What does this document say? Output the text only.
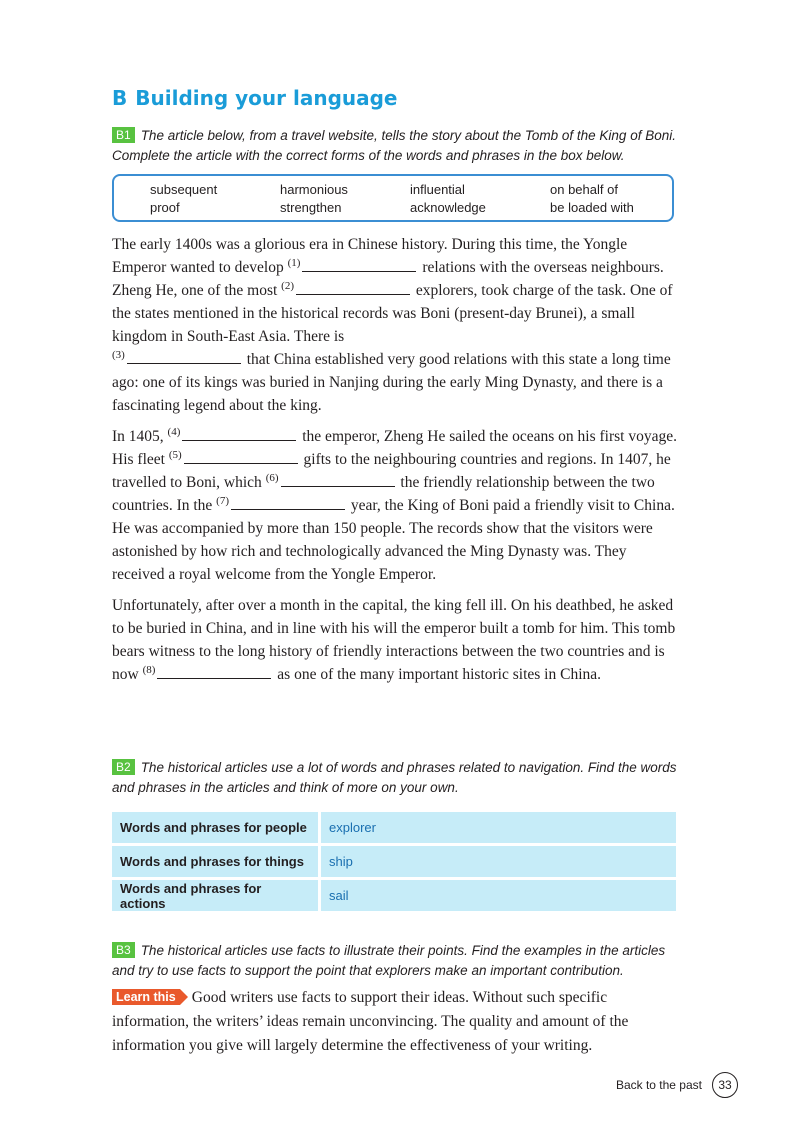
B Building your language
B1 The article below, from a travel website, tells the story about the Tomb of the King of Boni. Complete the article with the correct forms of the words and phrases in the box below.
subsequent	harmonious	influential	on behalf of
proof	strengthen	acknowledge	be loaded with

The early 1400s was a glorious era in Chinese history. During this time, the Yongle Emperor wanted to develop $^{(1)}$	relations with the overseas neighbours. Zheng He, one of the most $^{(2)}$	explorers, took charge of the task. One of the states mentioned in the historical records was Boni (present-day Brunei), a small kingdom in South-East Asia. There is
$^{(3)}$	that China established very good relations with this state a long time ago: one of its kings was buried in Nanjing during the early Ming Dynasty, and there is a fascinating legend about the king.

In 1405, $^{(4)}$	the emperor, Zheng He sailed the oceans on his first voyage. His fleet $^{(5)}$	gifts to the neighbouring countries and regions. In 1407, he travelled to Boni, which $^{(6)}$	the friendly relationship between the two countries. In the $^{(7)}$	year, the King of Boni paid a friendly visit to China. He was accompanied by more than 150 people. The records show that the visitors were astonished by how rich and technologically advanced the Ming Dynasty was. They received a royal welcome from the Yongle Emperor.

Unfortunately, after over a month in the capital, the king fell ill. On his deathbed, he asked to be buried in China, and in line with his will the emperor built a tomb for him. This tomb bears witness to the long history of friendly interactions between the two countries and is now $^{(8)}$	as one of the many important historic sites in China.

B2 The historical articles use a lot of words and phrases related to navigation. Find the words and phrases in the articles and think of more on your own.
Words and phrases for people	explorer
Words and phrases for things	ship
Words and phrases for actions	sail
B3 The historical articles use facts to illustrate their points. Find the examples in the articles and try to use facts to support the point that explorers make an important contribution.
Learn this Good writers use facts to support their ideas. Without such specific information, the writers’ ideas remain unconvincing. The quality and amount of the information you give will largely determine the effectiveness of your writing.
Back to the past	33
